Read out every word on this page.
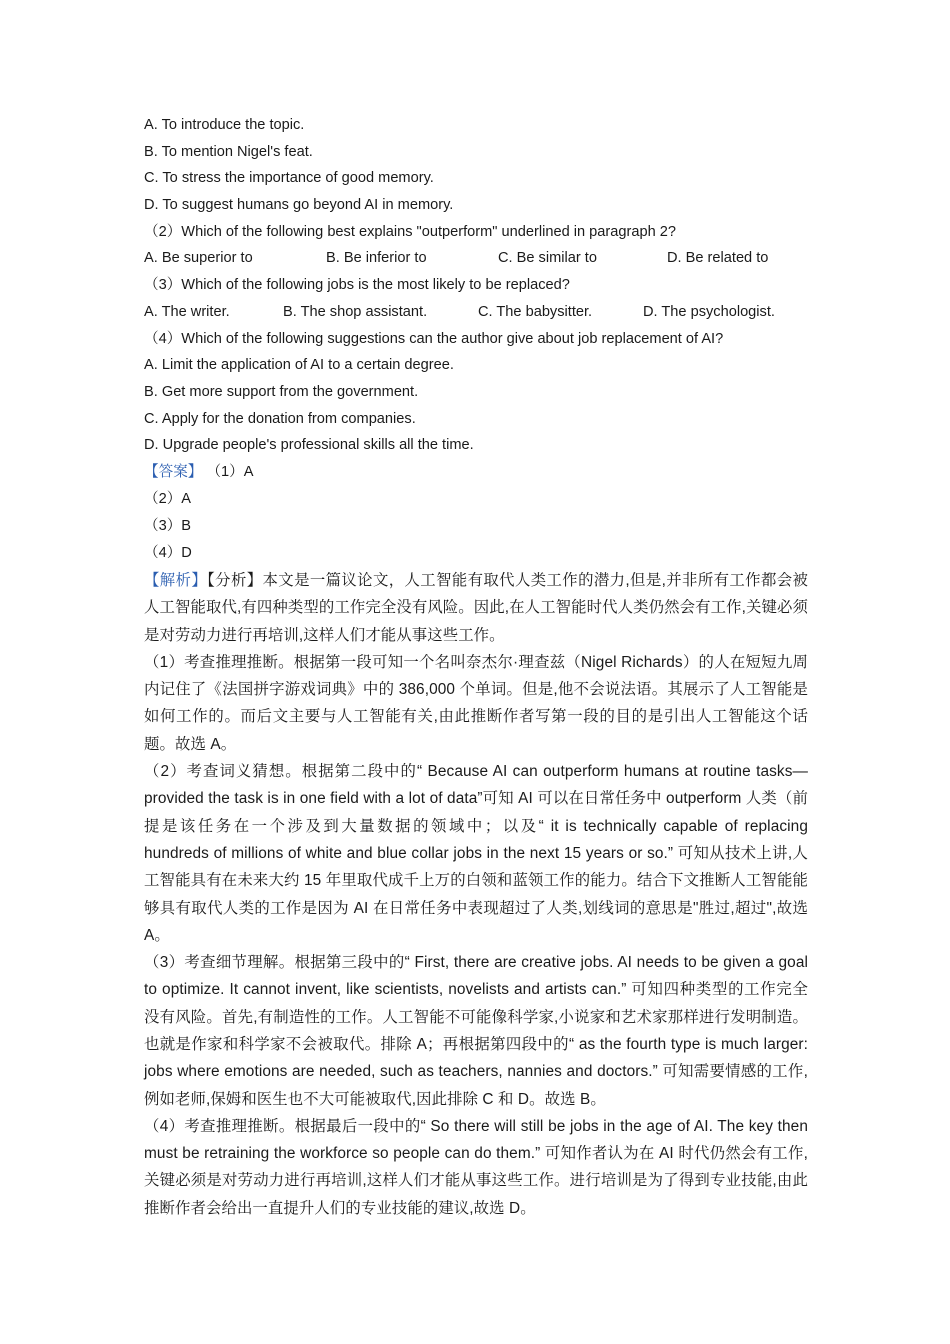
A. To introduce the topic.
B. To mention Nigel's feat.
C. To stress the importance of good memory.
D. To suggest humans go beyond AI in memory.
（2）Which of the following best explains "outperform" underlined in paragraph 2?
A. Be superior to	B. Be inferior to	C. Be similar to	D. Be related to
（3）Which of the following jobs is the most likely to be replaced?
A. The writer.	B. The shop assistant.	C. The babysitter.	D. The psychologist.
（4）Which of the following suggestions can the author give about job replacement of AI?
A. Limit the application of AI to a certain degree.
B. Get more support from the government.
C. Apply for the donation from companies.
D. Upgrade people's professional skills all the time.
【答案】 （1）A
（2）A
（3）B
（4）D
【解析】【分析】本文是一篇议论文，人工智能有取代人类工作的潜力,但是,并非所有工作都会被人工智能取代,有四种类型的工作完全没有风险。因此,在人工智能时代人类仍然会有工作,关键必须是对劳动力进行再培训,这样人们才能从事这些工作。
（1）考查推理推断。根据第一段可知一个名叫奈杰尔·理查兹（Nigel Richards）的人在短短九周内记住了《法国拼字游戏词典》中的 386,000 个单词。但是,他不会说法语。其展示了人工智能是如何工作的。而后文主要与人工智能有关,由此推断作者写第一段的目的是引出人工智能这个话题。故选 A。
（2）考查词义猜想。根据第二段中的“ Because AI can outperform humans at routine tasks—provided the task is in one field with a lot of data”可知 AI 可以在日常任务中 outperform 人类（前提是该任务在一个涉及到大量数据的领域中；以及“ it is technically capable of replacing hundreds of millions of white and blue collar jobs in the next 15 years or so.” 可知从技术上讲,人工智能具有在未来大约 15 年里取代成千上万的白领和蓝领工作的能力。结合下文推断人工智能能够具有取代人类的工作是因为 AI 在日常任务中表现超过了人类,划线词的意思是"胜过,超过",故选 A。
（3）考查细节理解。根据第三段中的“ First, there are creative jobs. AI needs to be given a goal to optimize. It cannot invent, like scientists, novelists and artists can.” 可知四种类型的工作完全没有风险。首先,有制造性的工作。人工智能不可能像科学家,小说家和艺术家那样进行发明制造。也就是作家和科学家不会被取代。排除 A；再根据第四段中的“ as the fourth type is much larger: jobs where emotions are needed, such as teachers, nannies and doctors.” 可知需要情感的工作,例如老师,保姆和医生也不大可能被取代,因此排除 C 和 D。故选 B。
（4）考查推理推断。根据最后一段中的“ So there will still be jobs in the age of AI. The key then must be retraining the workforce so people can do them.” 可知作者认为在 AI 时代仍然会有工作,关键必须是对劳动力进行再培训,这样人们才能从事这些工作。进行培训是为了得到专业技能,由此推断作者会给出一直提升人们的专业技能的建议,故选 D。
